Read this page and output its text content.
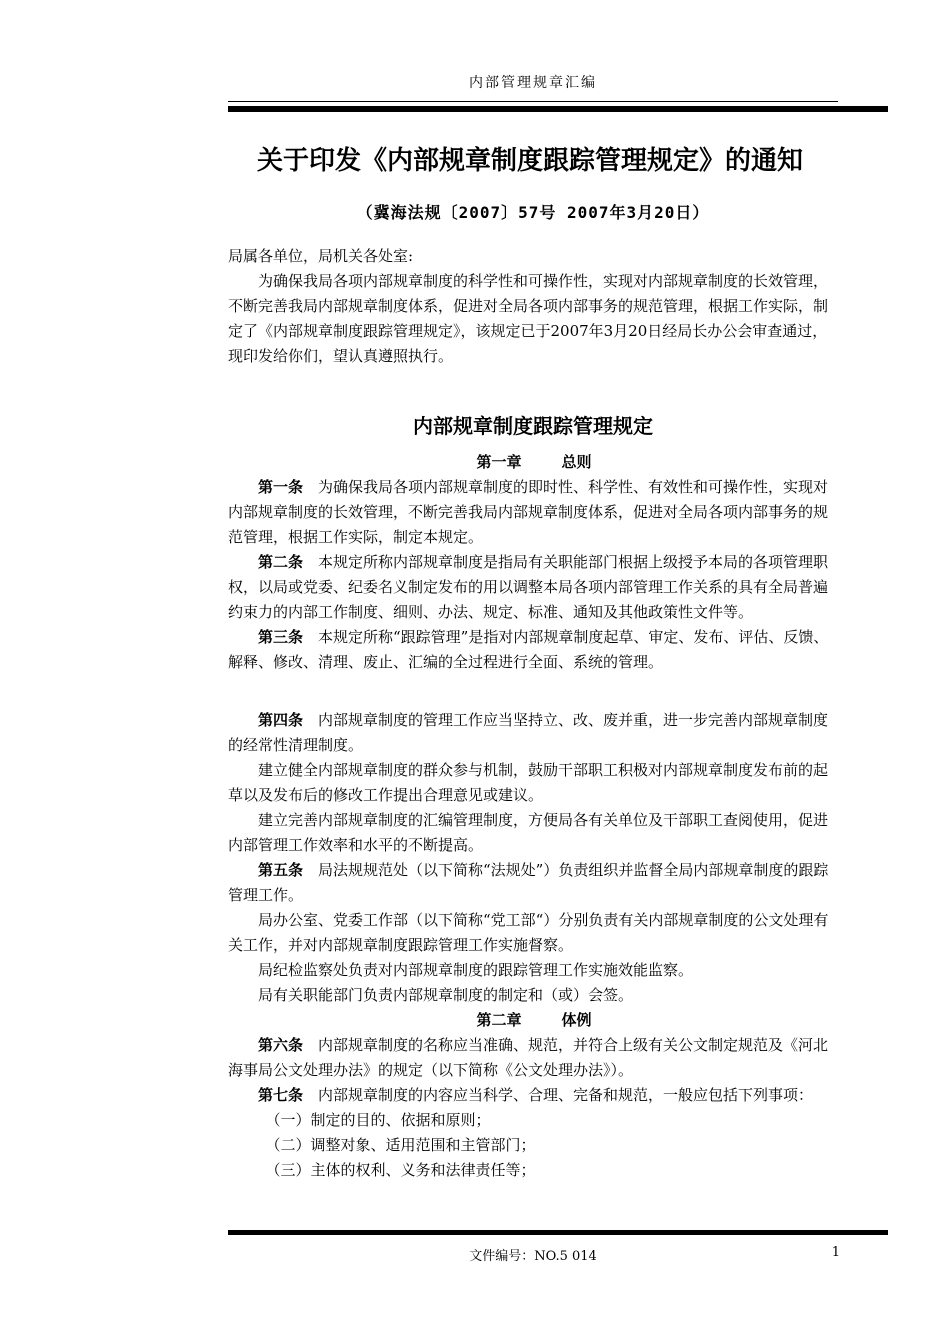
内部管理规章汇编
关于印发《内部规章制度跟踪管理规定》的通知
（冀海法规〔2007〕57号 2007年3月20日）

局属各单位，局机关各处室:

为确保我局各项内部规章制度的科学性和可操作性，实现对内部规章制度的长效管理，不断完善我局内部规章制度体系，促进对全局各项内部事务的规范管理，根据工作实际，制定了《内部规章制度跟踪管理规定》，该规定已于2007年3月20日经局长办公会审查通过，现印发给你们，望认真遵照执行。

内部规章制度跟踪管理规定
第一章	总则

第一条 为确保我局各项内部规章制度的即时性、科学性、有效性和可操作性，实现对内部规章制度的长效管理，不断完善我局内部规章制度体系，促进对全局各项内部事务的规范管理，根据工作实际，制定本规定。

第二条 本规定所称内部规章制度是指局有关职能部门根据上级授予本局的各项管理职权，以局或党委、纪委名义制定发布的用以调整本局各项内部管理工作关系的具有全局普遍约束力的内部工作制度、细则、办法、规定、标准、通知及其他政策性文件等。

第三条 本规定所称“跟踪管理”是指对内部规章制度起草、审定、发布、评估、反馈、解释、修改、清理、废止、汇编的全过程进行全面、系统的管理。

第四条 内部规章制度的管理工作应当坚持立、改、废并重，进一步完善内部规章制度的经常性清理制度。

建立健全内部规章制度的群众参与机制，鼓励干部职工积极对内部规章制度发布前的起草以及发布后的修改工作提出合理意见或建议。

建立完善内部规章制度的汇编管理制度，方便局各有关单位及干部职工查阅使用，促进内部管理工作效率和水平的不断提高。

第五条 局法规规范处（以下简称“法规处”）负责组织并监督全局内部规章制度的跟踪管理工作。

局办公室、党委工作部（以下简称“党工部“）分别负责有关内部规章制度的公文处理有关工作，并对内部规章制度跟踪管理工作实施督察。

局纪检监察处负责对内部规章制度的跟踪管理工作实施效能监察。

局有关职能部门负责内部规章制度的制定和（或）会签。

第二章	体例

第六条 内部规章制度的名称应当准确、规范，并符合上级有关公文制定规范及《河北海事局公文处理办法》的规定（以下简称《公文处理办法》）。

第七条 内部规章制度的内容应当科学、合理、完备和规范，一般应包括下列事项：

（一）制定的目的、依据和原则；

（二）调整对象、适用范围和主管部门；

（三）主体的权利、义务和法律责任等；

文件编号：NO.5 014	1
